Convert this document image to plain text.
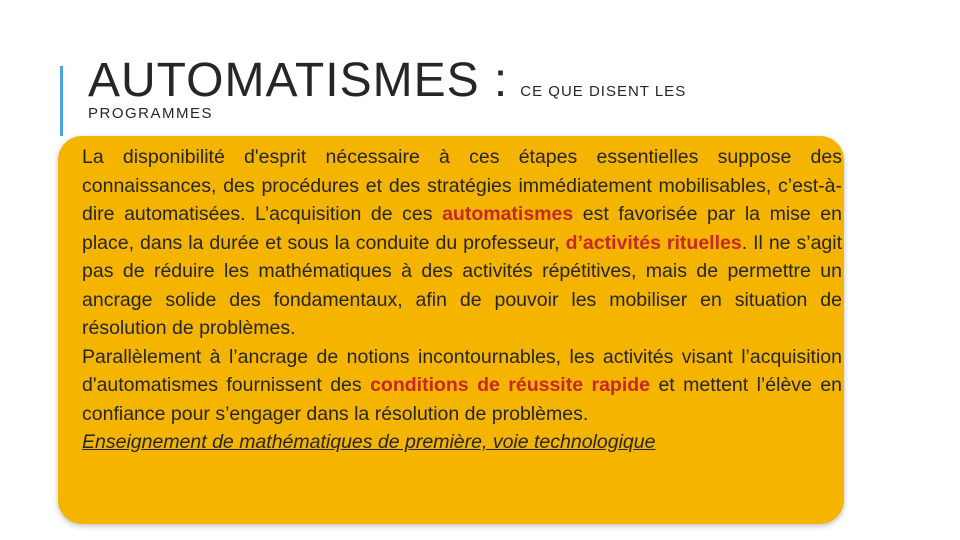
AUTOMATISMES : CE QUE DISENT LES
PROGRAMMES
La disponibilité d'esprit nécessaire à ces étapes essentielles suppose des connaissances, des procédures et des stratégies immédiatement mobilisables, c’est-à-dire automatisées. L’acquisition de ces automatismes est favorisée par la mise en place, dans la durée et sous la conduite du professeur, d’activités rituelles. Il ne s’agit pas de réduire les mathématiques à des activités répétitives, mais de permettre un ancrage solide des fondamentaux, afin de pouvoir les mobiliser en situation de résolution de problèmes.
Parallèlement à l’ancrage de notions incontournables, les activités visant l’acquisition d'automatismes fournissent des conditions de réussite rapide et mettent l’élève en confiance pour s’engager dans la résolution de problèmes.
Enseignement de mathématiques de première, voie technologique
